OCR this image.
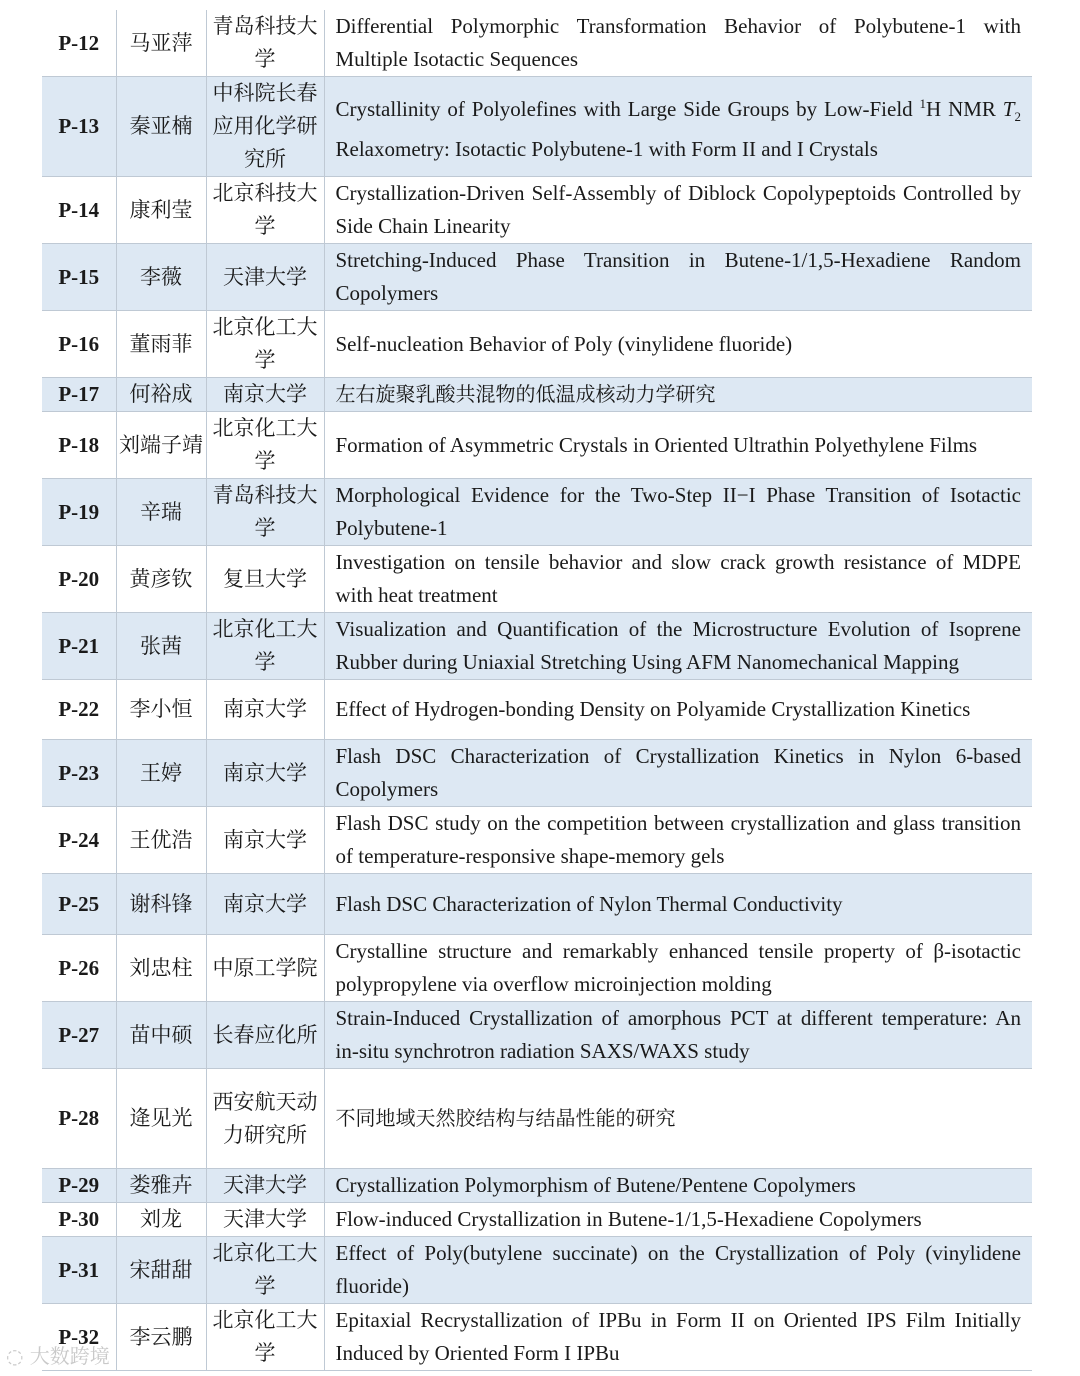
P-12	马亚萍	青岛科技大学	Differential Polymorphic Transformation Behavior of Polybutene-1 with Multiple Isotactic Sequences
P-13	秦亚楠	中科院长春应用化学研究所	Crystallinity of Polyolefines with Large Side Groups by Low-Field $^1$H NMR $T_2$ Relaxometry: Isotactic Polybutene-1 with Form II and I Crystals
P-14	康利莹	北京科技大学	Crystallization-Driven Self-Assembly of Diblock Copolypeptoids Controlled by Side Chain Linearity
P-15	李薇	天津大学	Stretching-Induced Phase Transition in Butene-1/1,5-Hexadiene Random Copolymers
P-16	董雨菲	北京化工大学	Self-nucleation Behavior of Poly (vinylidene fluoride)
P-17	何裕成	南京大学	左右旋聚乳酸共混物的低温成核动力学研究
P-18	刘端子靖	北京化工大学	Formation of Asymmetric Crystals in Oriented Ultrathin Polyethylene Films
P-19	辛瑞	青岛科技大学	Morphological Evidence for the Two-Step II−I Phase Transition of Isotactic Polybutene-1
P-20	黄彦钦	复旦大学	Investigation on tensile behavior and slow crack growth resistance of MDPE with heat treatment
P-21	张茜	北京化工大学	Visualization and Quantification of the Microstructure Evolution of Isoprene Rubber during Uniaxial Stretching Using AFM Nanomechanical Mapping
P-22	李小恒	南京大学	Effect of Hydrogen-bonding Density on Polyamide Crystallization Kinetics
P-23	王婷	南京大学	Flash DSC Characterization of Crystallization Kinetics in Nylon 6-based Copolymers
P-24	王优浩	南京大学	Flash DSC study on the competition between crystallization and glass transition of temperature-responsive shape-memory gels
P-25	谢科锋	南京大学	Flash DSC Characterization of Nylon Thermal Conductivity
P-26	刘忠柱	中原工学院	Crystalline structure and remarkably enhanced tensile property of β-isotactic polypropylene via overflow microinjection molding
P-27	苗中硕	长春应化所	Strain-Induced Crystallization of amorphous PCT at different temperature: An in-situ synchrotron radiation SAXS/WAXS study
P-28	逄见光	西安航天动力研究所	不同地域天然胶结构与结晶性能的研究
P-29	娄雅卉	天津大学	Crystallization Polymorphism of Butene/Pentene Copolymers
P-30	刘龙	天津大学	Flow-induced Crystallization in Butene-1/1,5-Hexadiene Copolymers
P-31	宋甜甜	北京化工大学	Effect of Poly(butylene succinate) on the Crystallization of Poly (vinylidene fluoride)
P-32	李云鹏	北京化工大学	Epitaxial Recrystallization of IPBu in Form II on Oriented IPS Film Initially Induced by Oriented Form I IPBu
◌ 大数跨境
